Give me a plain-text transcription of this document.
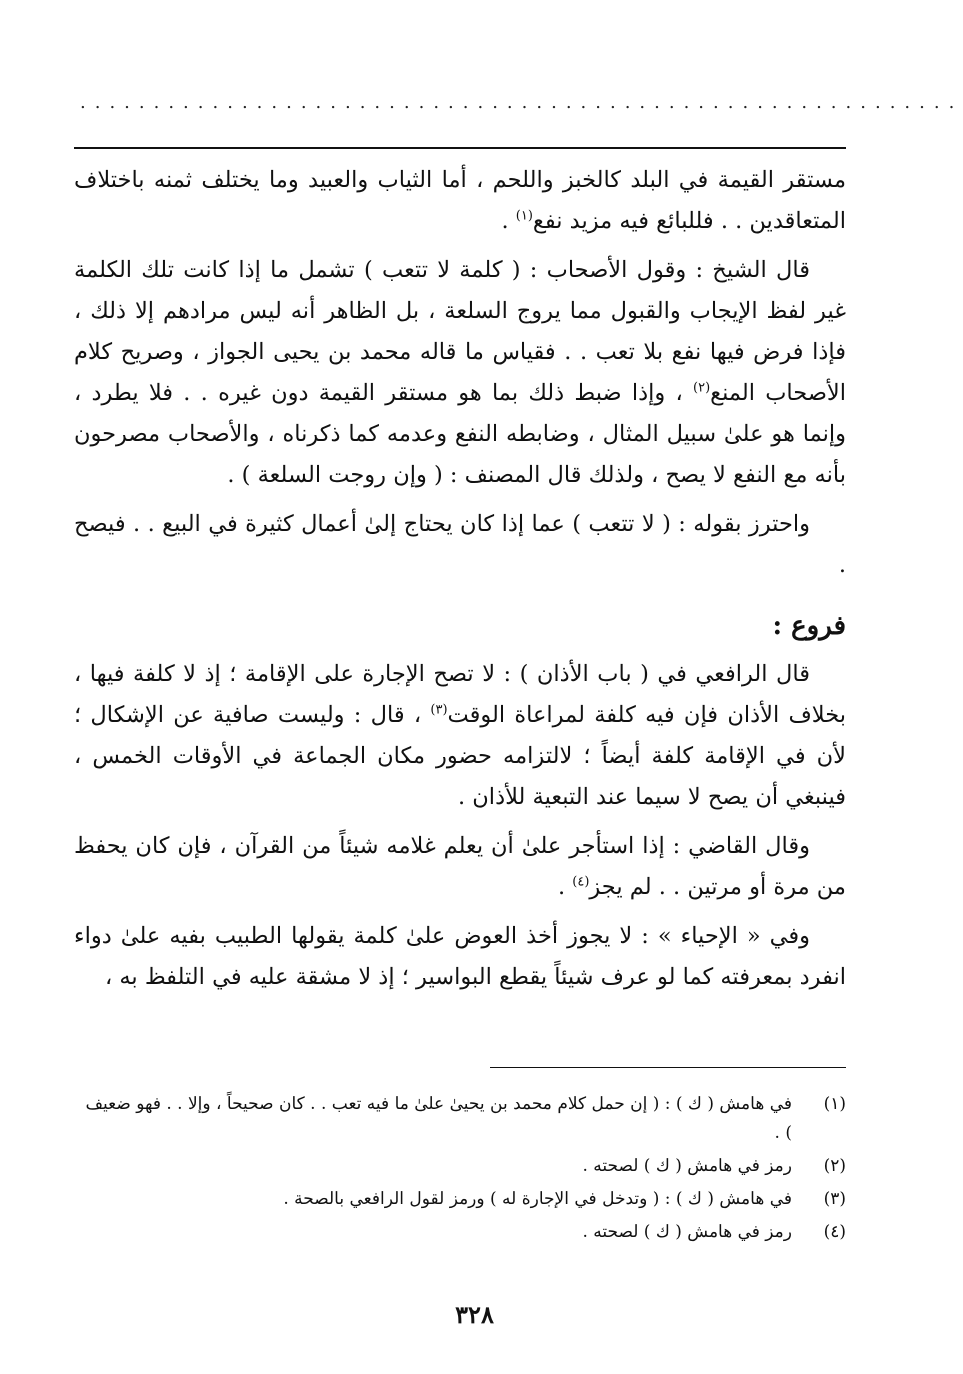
............................................................

مستقر القيمة في البلد كالخبز واللحم ، أما الثياب والعبيد وما يختلف ثمنه باختلاف المتعاقدين . . فللبائع فيه مزيد نفع$^{(١)}$ .

قال الشيخ : وقول الأصحاب : ( كلمة لا تتعب ) تشمل ما إذا كانت تلك الكلمة غير لفظ الإيجاب والقبول مما يروج السلعة ، بل الظاهر أنه ليس مرادهم إلا ذلك ، فإذا فرض فيها نفع بلا تعب . . فقياس ما قاله محمد بن يحيى الجواز ، وصريح كلام الأصحاب المنع$^{(٢)}$ ، وإذا ضبط ذلك بما هو مستقر القيمة دون غيره . . فلا يطرد ، وإنما هو علىٰ سبيل المثال ، وضابطه النفع وعدمه كما ذكرناه ، والأصحاب مصرحون بأنه مع النفع لا يصح ، ولذلك قال المصنف : ( وإن روجت السلعة ) .

واحترز بقوله : ( لا تتعب ) عما إذا كان يحتاج إلىٰ أعمال كثيرة في البيع . . فيصح .

فروع :

قال الرافعي في ( باب الأذان ) : لا تصح الإجارة على الإقامة ؛ إذ لا كلفة فيها ، بخلاف الأذان فإن فيه كلفة لمراعاة الوقت$^{(٣)}$ ، قال : وليست صافية عن الإشكال ؛ لأن في الإقامة كلفة أيضاً ؛ لالتزامه حضور مكان الجماعة في الأوقات الخمس ، فينبغي أن يصح لا سيما عند التبعية للأذان .

وقال القاضي : إذا استأجر علىٰ أن يعلم غلامه شيئاً من القرآن ، فإن كان يحفظ من مرة أو مرتين . . لم يجز$^{(٤)}$ .

وفي « الإحياء » : لا يجوز أخذ العوض علىٰ كلمة يقولها الطبيب بفيه علىٰ دواء انفرد بمعرفته كما لو عرف شيئاً يقطع البواسير ؛ إذ لا مشقة عليه في التلفظ به ،

(١)
في هامش ( ك ) : ( إن حمل كلام محمد بن يحيىٰ علىٰ ما فيه تعب . . كان صحيحاً ، وإلا . . فهو ضعيف ) .
(٢)
رمز في هامش ( ك ) لصحته .
(٣)
في هامش ( ك ) : ( وتدخل في الإجارة له ) ورمز لقول الرافعي بالصحة .
(٤)
رمز في هامش ( ك ) لصحته .
٣٢٨
